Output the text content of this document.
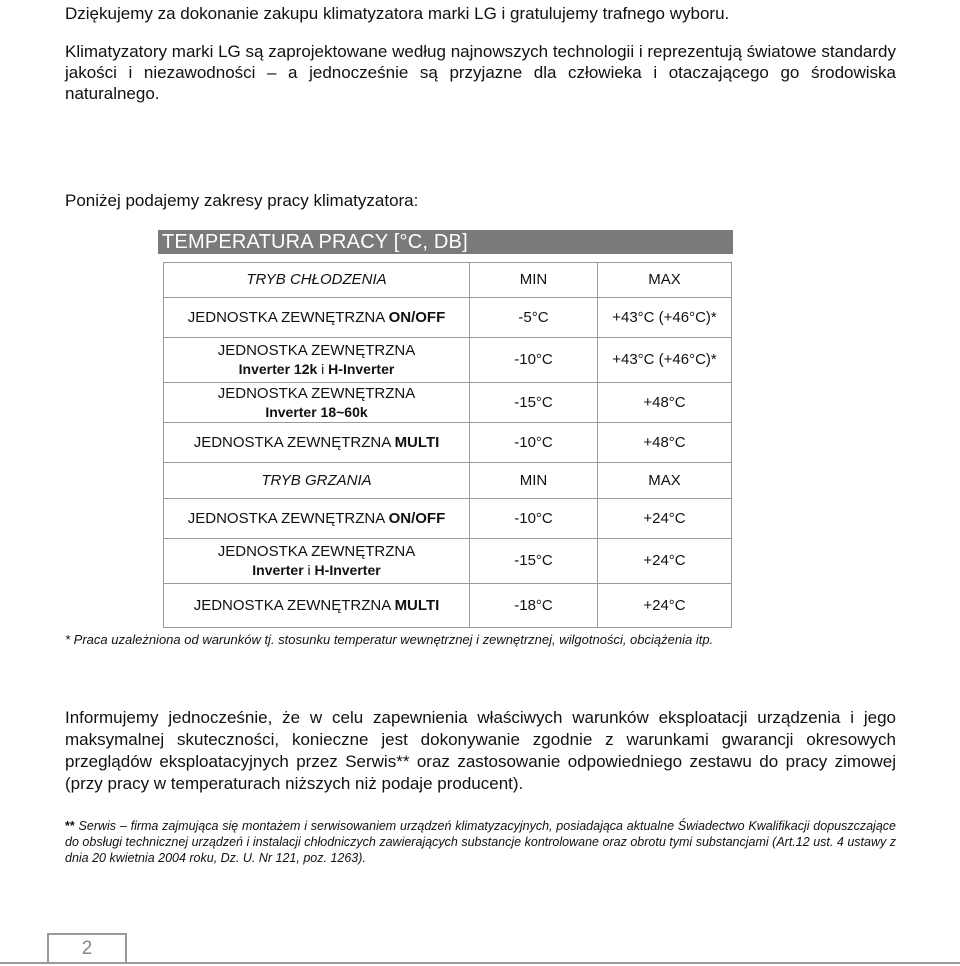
Dziękujemy za dokonanie zakupu klimatyzatora marki LG i gratulujemy trafnego wyboru.

Klimatyzatory marki LG są zaprojektowane według najnowszych technologii i reprezentują światowe standardy jakości i niezawodności – a jednocześnie są przyjazne dla człowieka i otaczającego go środowiska naturalnego.

Poniżej podajemy zakresy pracy klimatyzatora:

TEMPERATURA PRACY [°C, DB]
TRYB CHŁODZENIA	MIN	MAX
JEDNOSTKA ZEWNĘTRZNA ON/OFF	-5°C	+43°C (+46°C)*

JEDNOSTKA ZEWNĘTRZNA
Inverter 12k i H-Inverter	-10°C	+43°C (+46°C)*

JEDNOSTKA ZEWNĘTRZNA
Inverter 18~60k	-15°C	+48°C
JEDNOSTKA ZEWNĘTRZNA MULTI	-10°C	+48°C
TRYB GRZANIA	MIN	MAX
JEDNOSTKA ZEWNĘTRZNA ON/OFF	-10°C	+24°C

JEDNOSTKA ZEWNĘTRZNA
Inverter i H-Inverter	-15°C	+24°C
JEDNOSTKA ZEWNĘTRZNA MULTI	-18°C	+24°C

* Praca uzależniona od warunków tj. stosunku temperatur wewnętrznej i zewnętrznej, wilgotności, obciążenia itp.

Informujemy jednocześnie, że w celu zapewnienia właściwych warunków eksploatacji urządzenia i jego maksymalnej skuteczności, konieczne jest dokonywanie zgodnie z warunkami gwarancji okresowych przeglądów eksploatacyjnych przez Serwis** oraz zastosowanie odpowiedniego zestawu do pracy zimowej (przy pracy w temperaturach niższych niż podaje producent).

** Serwis – firma zajmująca się montażem i serwisowaniem urządzeń klimatyzacyjnych, posiadająca aktualne Świadectwo Kwalifikacji dopuszczające do obsługi technicznej urządzeń i instalacji chłodniczych zawierających substancje kontrolowane oraz obrotu tymi substancjami (Art.12 ust. 4 ustawy z dnia 20 kwietnia 2004 roku, Dz. U. Nr 121, poz. 1263).

2
